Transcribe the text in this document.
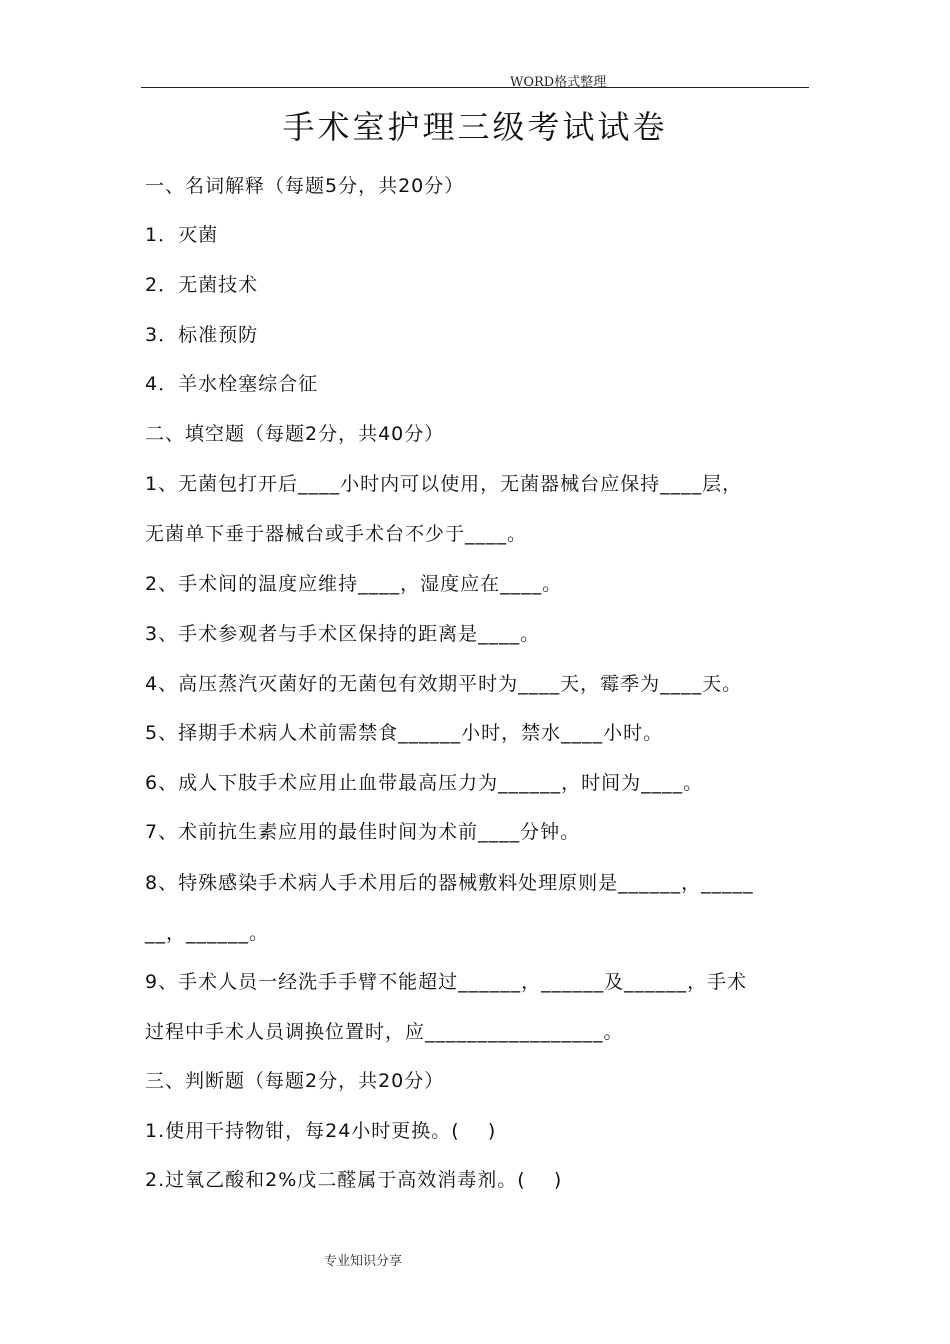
WORD格式整理
手术室护理三级考试试卷
一、名词解释（每题5分，共20分）
1．灭菌
2．无菌技术
3．标准预防
4．羊水栓塞综合征
二、填空题（每题2分，共40分）
1、无菌包打开后____小时内可以使用，无菌器械台应保持____层，
无菌单下垂于器械台或手术台不少于____。
2、手术间的温度应维持____，湿度应在____。
3、手术参观者与手术区保持的距离是____。
4、高压蒸汽灭菌好的无菌包有效期平时为____天，霉季为____天。
5、择期手术病人术前需禁食______小时，禁水____小时。
6、成人下肢手术应用止血带最高压力为______，时间为____。
7、术前抗生素应用的最佳时间为术前____分钟。
8、特殊感染手术病人手术用后的器械敷料处理原则是______，_____
__，______。
9、手术人员一经洗手手臂不能超过______，______及______，手术
过程中手术人员调换位置时，应_________________。
三、判断题（每题2分，共20分）
1.使用干持物钳，每24小时更换。(    )
2.过氧乙酸和2%戊二醛属于高效消毒剂。(    )
专业知识分享
